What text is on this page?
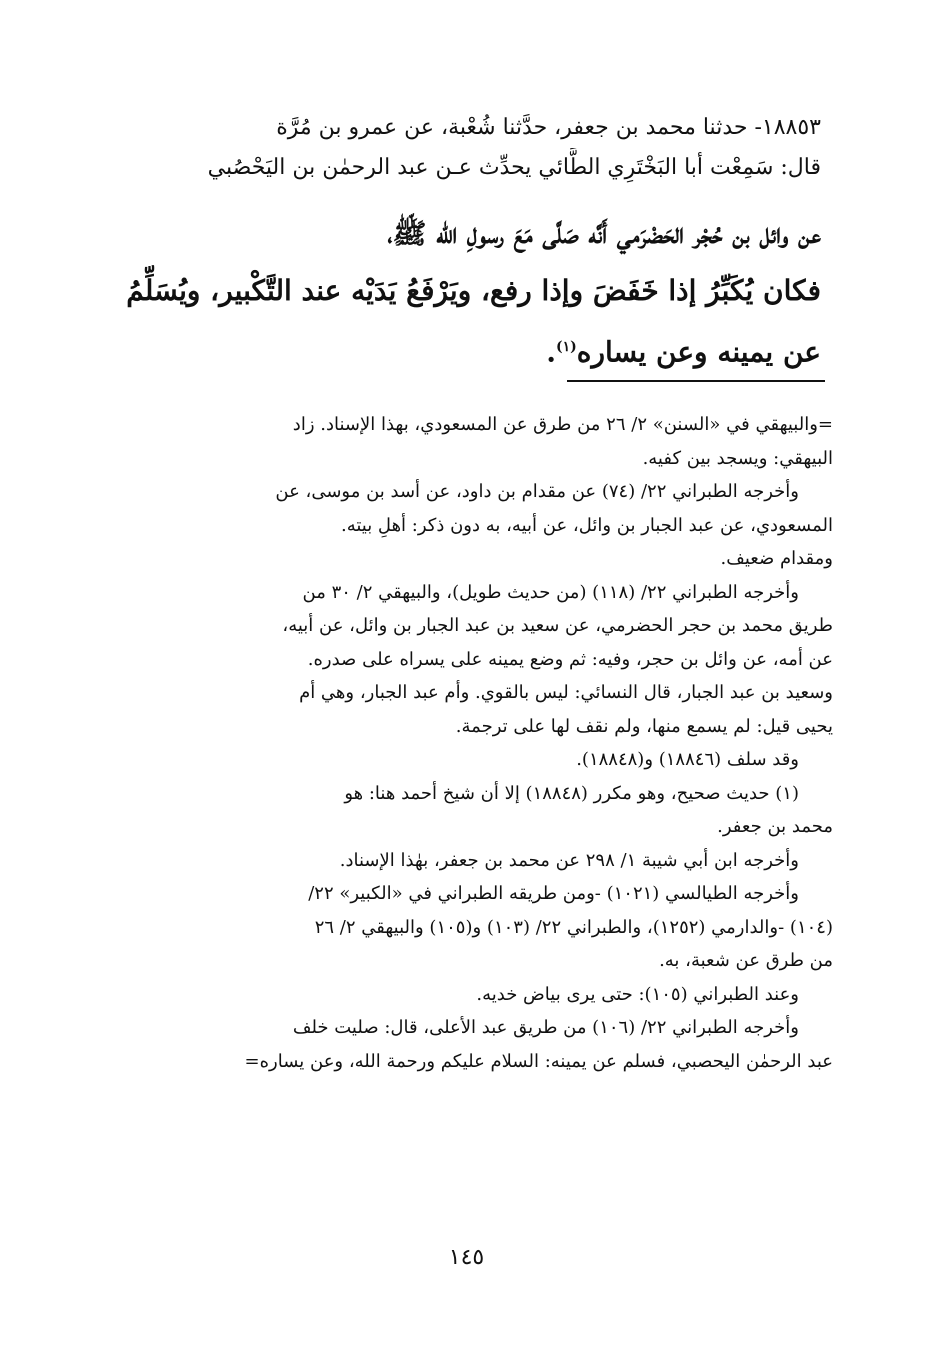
١٨٨٥٣- حدثنا محمد بن جعفر، حدَّثنا شُعْبة، عن عمرو بن مُرَّة
قال: سَمِعْت أبا البَخْتَرِي الطَّائي يحدِّث عـن عبد الرحمٰن بن اليَحْصُبي
عن وائل بن حُجْر الحَضْرَمي أَنَّه صَلَّى مَعَ رسولِ الله ﷺ،
فكان يُكَبِّرُ إذا خَفَضَ وإذا رفع، ويَرْفَعُ يَدَيْه عند التَّكْبير، ويُسَلِّمُ
عن يمينه وعن يساره$^{(١)}$.
=والبيهقي في «السنن» ٢/ ٢٦ من طرق عن المسعودي، بهذا الإسناد. زاد
البيهقي: ويسجد بين كفيه.
وأخرجه الطبراني ٢٢/ (٧٤) عن مقدام بن داود، عن أسد بن موسى، عن
المسعودي، عن عبد الجبار بن وائل، عن أبيه، به دون ذكر: أهلِ بيته.
ومقدام ضعيف.
وأخرجه الطبراني ٢٢/ (١١٨) (من حديث طويل)، والبيهقي ٢/ ٣٠ من
طريق محمد بن حجر الحضرمي، عن سعيد بن عبد الجبار بن وائل، عن أبيه،
عن أمه، عن وائل بن حجر، وفيه: ثم وضع يمينه على يسراه على صدره.
وسعيد بن عبد الجبار، قال النسائي: ليس بالقوي. وأم عبد الجبار، وهي أم
يحيى قيل: لم يسمع منها، ولم نقف لها على ترجمة.
وقد سلف (١٨٨٤٦) و(١٨٨٤٨).
(١) حديث صحيح، وهو مكرر (١٨٨٤٨) إلا أن شيخ أحمد هنا: هو
محمد بن جعفر.
وأخرجه ابن أبي شيبة ١/ ٢٩٨ عن محمد بن جعفر، بهٰذا الإسناد.
وأخرجه الطيالسي (١٠٢١) -ومن طريقه الطبراني في «الكبير» ٢٢/
(١٠٤) -والدارمي (١٢٥٢)، والطبراني ٢٢/ (١٠٣) و(١٠٥) والبيهقي ٢/ ٢٦
من طرق عن شعبة، به.
وعند الطبراني (١٠٥): حتى يرى بياض خديه.
وأخرجه الطبراني ٢٢/ (١٠٦) من طريق عبد الأعلى، قال: صليت خلف
عبد الرحمٰن اليحصبي، فسلم عن يمينه: السلام عليكم ورحمة الله، وعن يساره=
١٤٥
